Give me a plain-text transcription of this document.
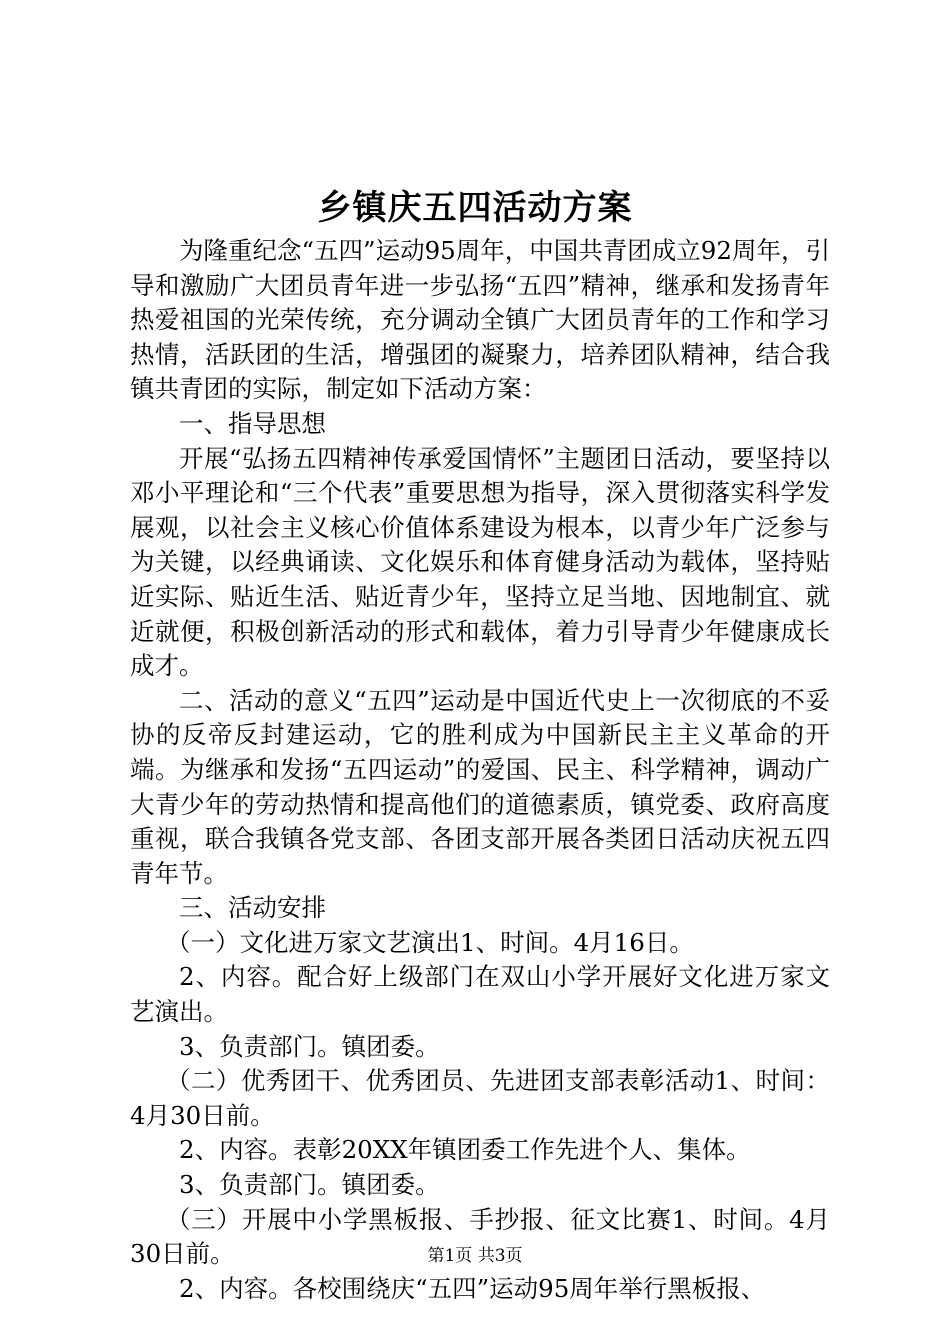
乡镇庆五四活动方案

为隆重纪念“五四”运动95周年，中国共青团成立92周年，引导和激励广大团员青年进一步弘扬“五四”精神，继承和发扬青年热爱祖国的光荣传统，充分调动全镇广大团员青年的工作和学习热情，活跃团的生活，增强团的凝聚力，培养团队精神，结合我镇共青团的实际，制定如下活动方案：

一、指导思想

开展“弘扬五四精神传承爱国情怀”主题团日活动，要坚持以邓小平理论和“三个代表”重要思想为指导，深入贯彻落实科学发展观，以社会主义核心价值体系建设为根本，以青少年广泛参与为关键，以经典诵读、文化娱乐和体育健身活动为载体，坚持贴近实际、贴近生活、贴近青少年，坚持立足当地、因地制宜、就近就便，积极创新活动的形式和载体，着力引导青少年健康成长成才。

二、活动的意义“五四”运动是中国近代史上一次彻底的不妥协的反帝反封建运动，它的胜利成为中国新民主主义革命的开端。为继承和发扬“五四运动”的爱国、民主、科学精神，调动广大青少年的劳动热情和提高他们的道德素质，镇党委、政府高度重视，联合我镇各党支部、各团支部开展各类团日活动庆祝五四青年节。

三、活动安排

（一）文化进万家文艺演出1、时间。4月16日。

2、内容。配合好上级部门在双山小学开展好文化进万家文艺演出。

3、负责部门。镇团委。

（二）优秀团干、优秀团员、先进团支部表彰活动1、时间：4月30日前。

2、内容。表彰20XX年镇团委工作先进个人、集体。

3、负责部门。镇团委。

（三）开展中小学黑板报、手抄报、征文比赛1、时间。4月30日前。

2、内容。各校围绕庆“五四”运动95周年举行黑板报、

第1页 共3页
